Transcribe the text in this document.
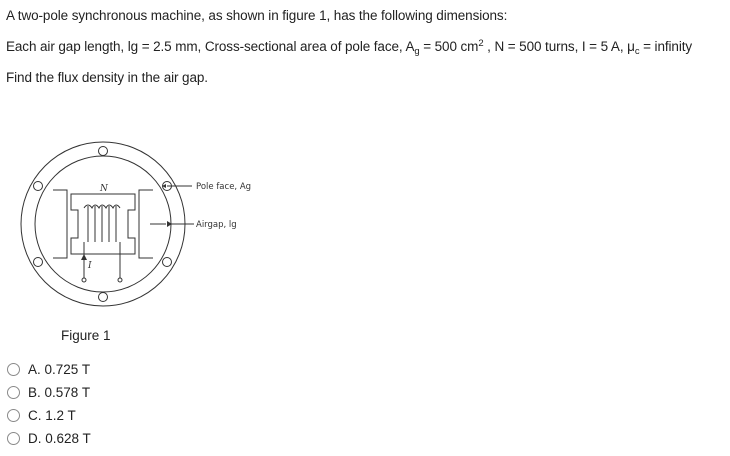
A two-pole synchronous machine, as shown in figure 1, has the following dimensions:
Each air gap length, lg = 2.5 mm, Cross-sectional area of pole face, $A_g = 500$ $cm^2$ , N = 500 turns, I = 5 A, $\mu_c$ = infinity
Find the flux density in the air gap.
Pole face, Ag
Airgap, lg
N
I
Figure 1
A. 0.725 T
B. 0.578 T
C. 1.2 T
D. 0.628 T
